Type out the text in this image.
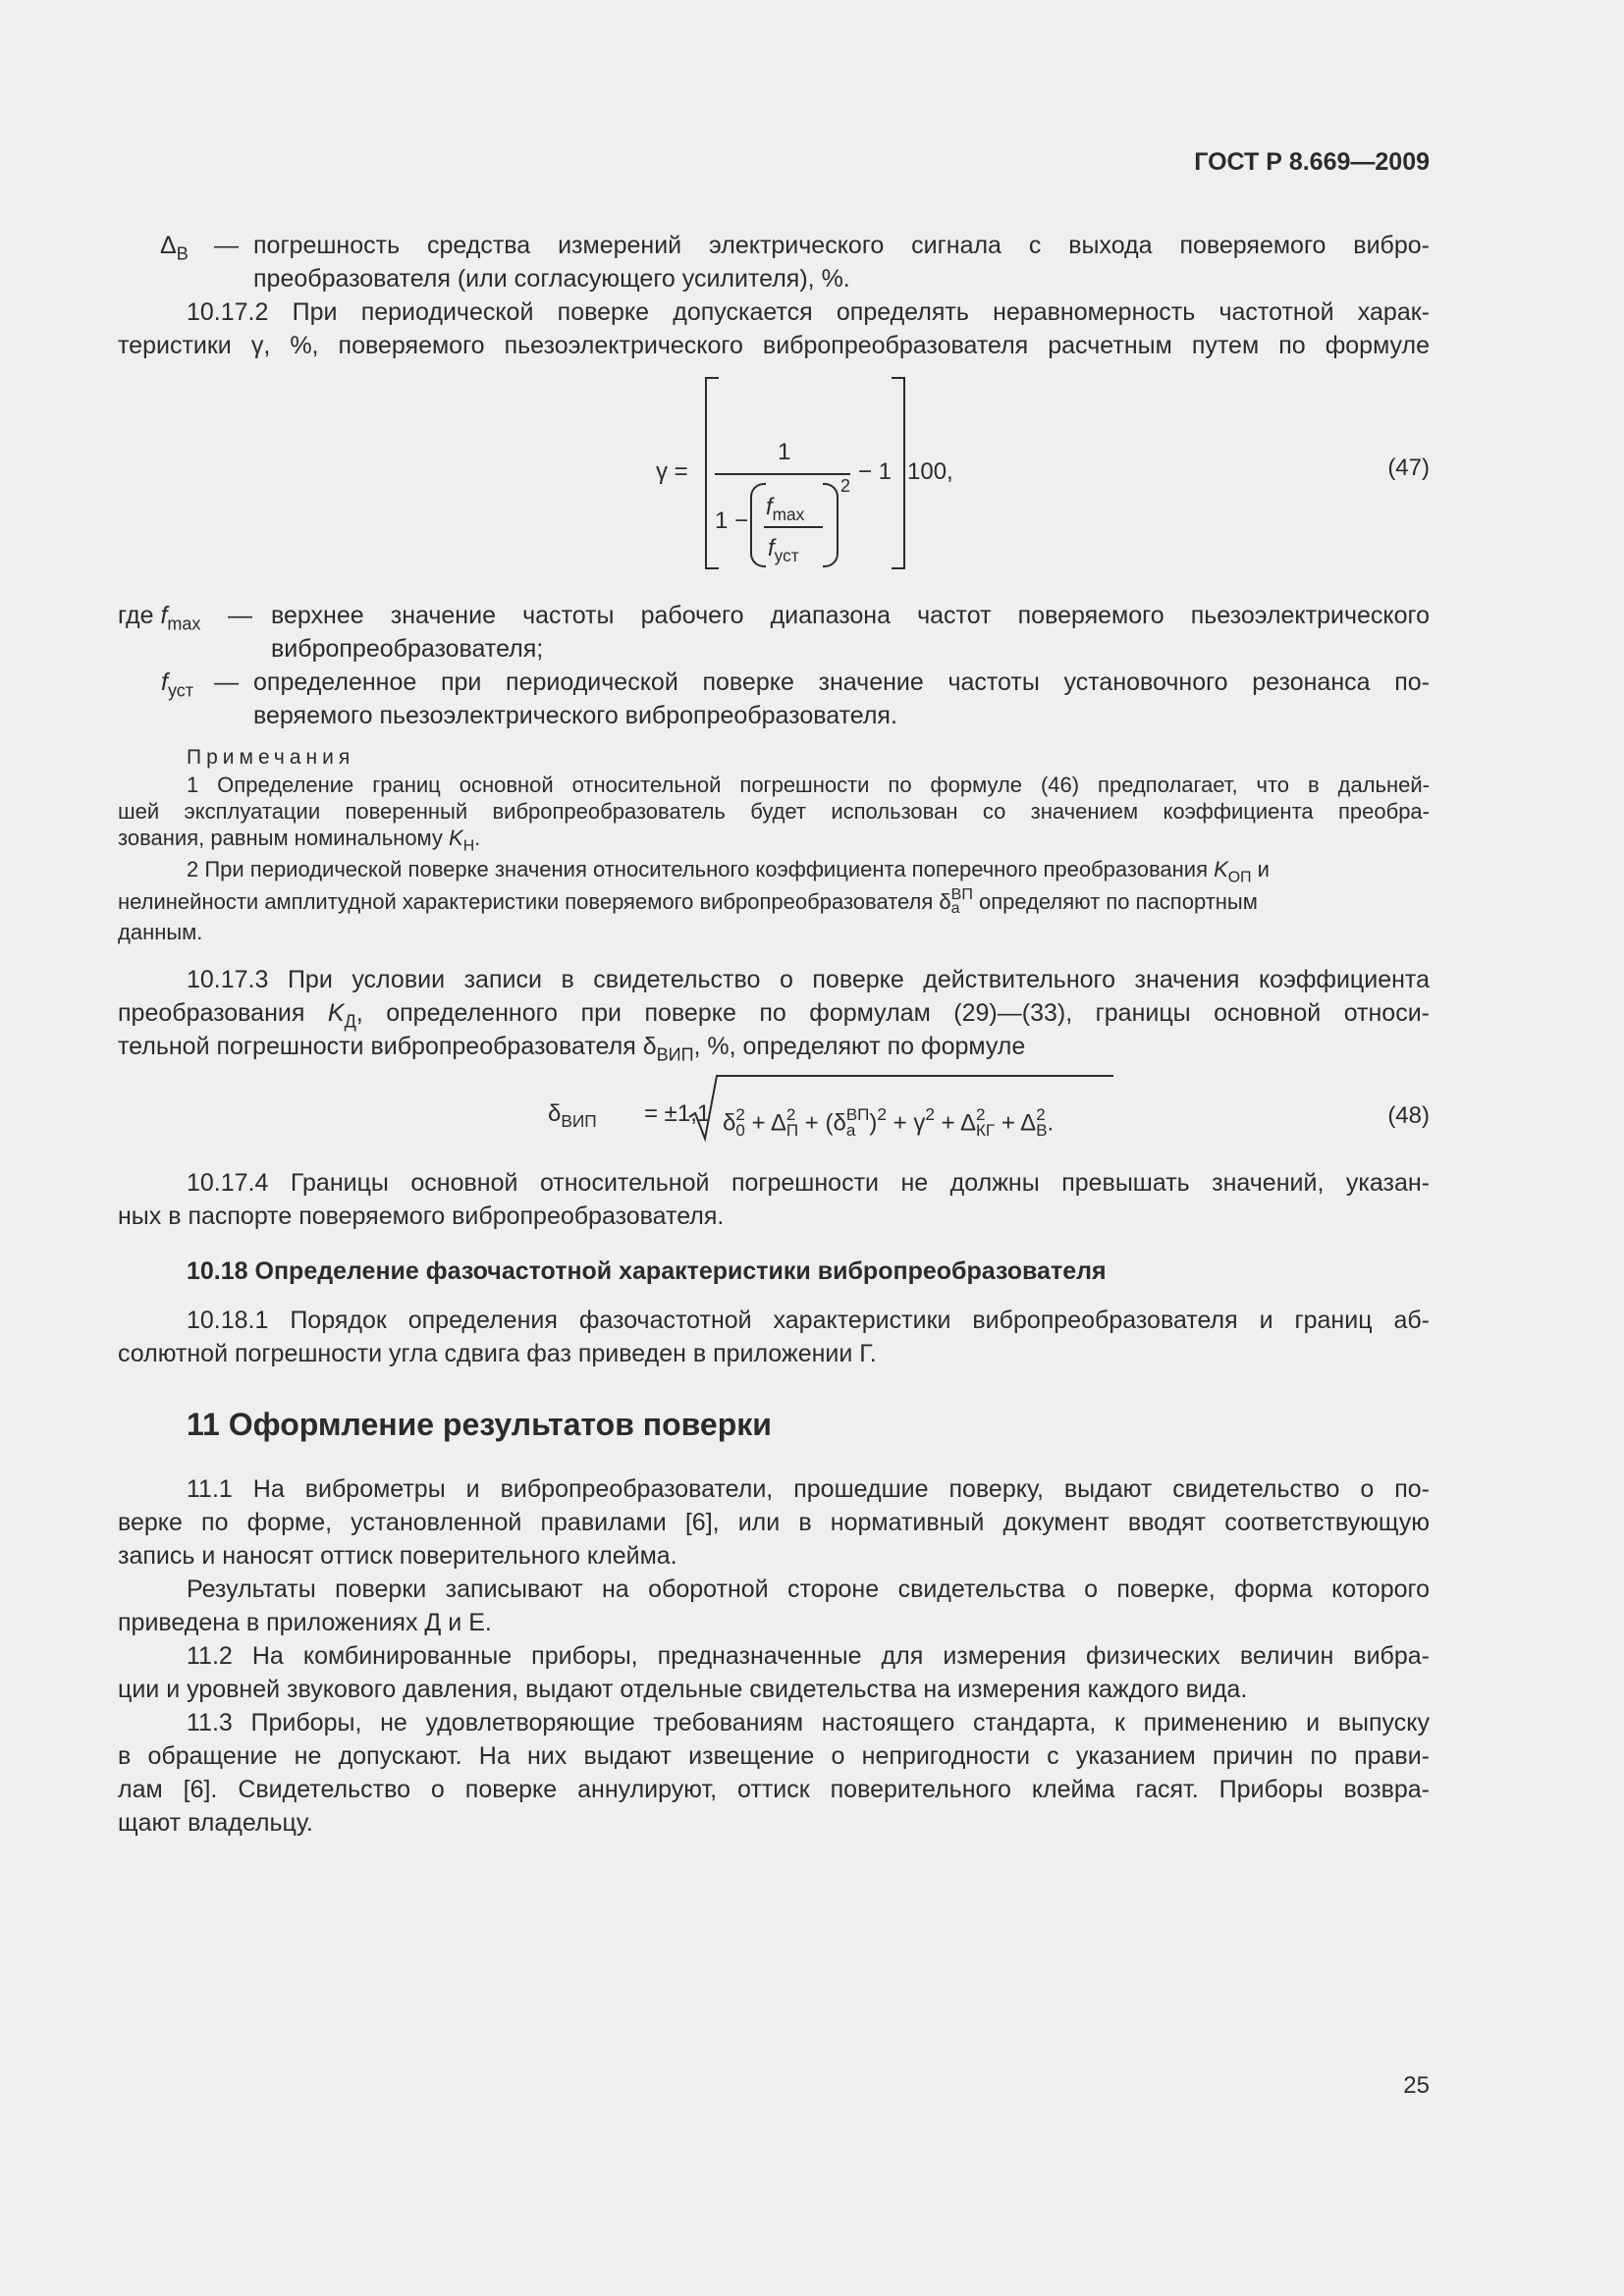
ГОСТ Р 8.669—2009
$\Delta_В$ — погрешность средства измерений электрического сигнала с выхода поверяемого вибро-
преобразователя (или согласующего усилителя), %.
10.17.2 При периодической поверке допускается определять неравномерность частотной харак-
теристики γ, %, поверяемого пьезоэлектрического вибропреобразователя расчетным путем по формуле
γ =
1
1 −
$f_{max}$
$f_{уст}$
2
− 1 100,	(47)
где $f_{max}$ — верхнее значение частоты рабочего диапазона частот поверяемого пьезоэлектрического
вибропреобразователя;
$f_{уст}$ — определенное при периодической поверке значение частоты установочного резонанса по-
веряемого пьезоэлектрического вибропреобразователя.
Примечания
1 Определение границ основной относительной погрешности по формуле (46) предполагает, что в дальней-
шей эксплуатации поверенный вибропреобразователь будет использован со значением коэффициента преобра-
зования, равным номинальному $K_Н$.
2 При периодической поверке значения относительного коэффициента поперечного преобразования $K_{ОП}$ и
нелинейности амплитудной характеристики поверяемого вибропреобразователя δ ВП
а определяют по паспортным
данным.
10.17.3 При условии записи в свидетельство о поверке действительного значения коэффициента
преобразования $K_Д$, определенного при поверке по формулам (29)—(33), границы основной относи-
тельной погрешности вибропреобразователя $\delta_{ВИП}$, %, определяют по формуле
$\delta_{ВИП} = \pm 1,1$ δ 2
0 + Δ 2
П + (δ ВП
а )$^2 + \gamma^2 + \Delta$ 2
КГ + Δ 2
В .	(48)
10.17.4 Границы основной относительной погрешности не должны превышать значений, указан-
ных в паспорте поверяемого вибропреобразователя.
10.18 Определение фазочастотной характеристики вибропреобразователя
10.18.1 Порядок определения фазочастотной характеристики вибропреобразователя и границ аб-
солютной погрешности угла сдвига фаз приведен в приложении Г.
11 Оформление результатов поверки
11.1 На виброметры и вибропреобразователи, прошедшие поверку, выдают свидетельство о по-
верке по форме, установленной правилами [6], или в нормативный документ вводят соответствующую
запись и наносят оттиск поверительного клейма.
Результаты поверки записывают на оборотной стороне свидетельства о поверке, форма которого
приведена в приложениях Д и Е.
11.2 На комбинированные приборы, предназначенные для измерения физических величин вибра-
ции и уровней звукового давления, выдают отдельные свидетельства на измерения каждого вида.
11.3 Приборы, не удовлетворяющие требованиям настоящего стандарта, к применению и выпуску
в обращение не допускают. На них выдают извещение о непригодности с указанием причин по прави-
лам [6]. Свидетельство о поверке аннулируют, оттиск поверительного клейма гасят. Приборы возвра-
щают владельцу.
25
